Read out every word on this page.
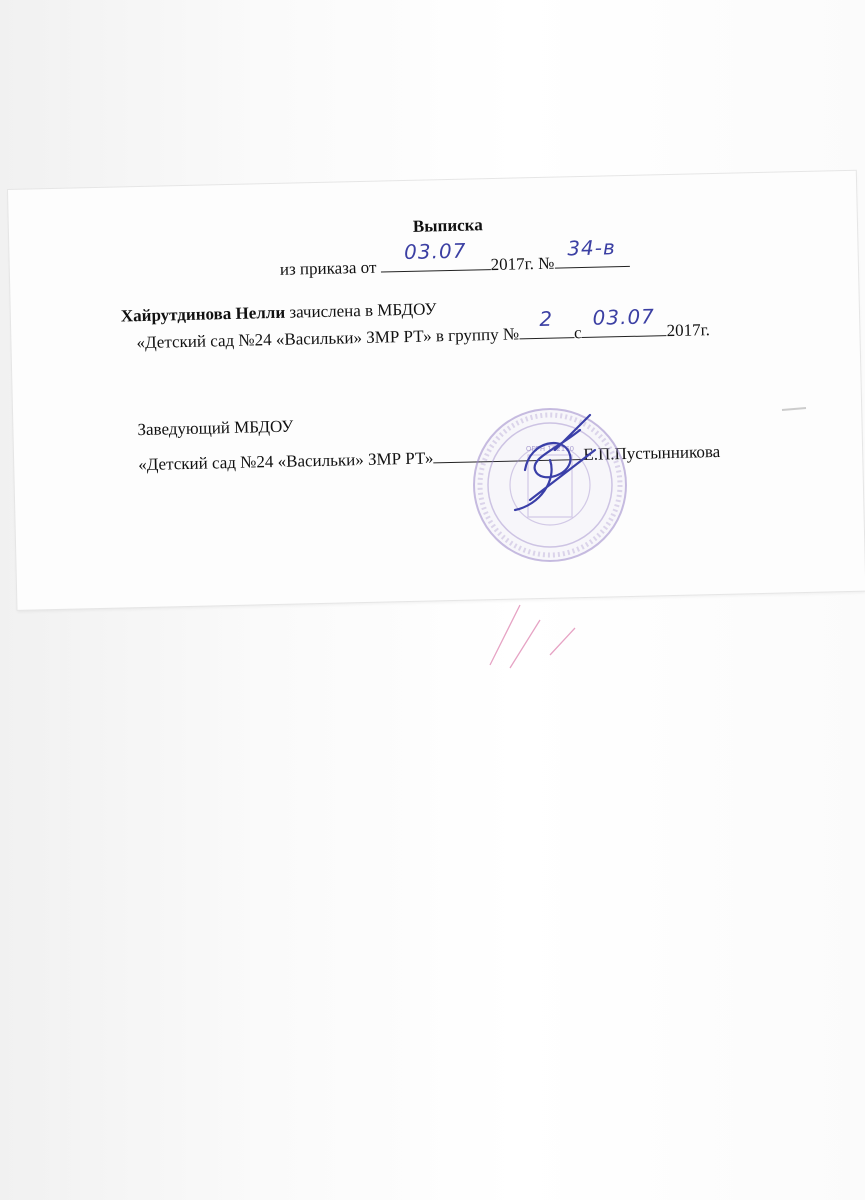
Выписка
из приказа от
03.07	2017г. №
34-в
Хайрутдинова Нелли зачислена в МБДОУ
«Детский сад №24 «Васильки» ЗМР РТ» в группу №
2
с
03.07
2017г.
Заведующий МБДОУ
«Детский сад №24 «Васильки» ЗМР РТ»	Е.П.Пустынникова
ОГРН 102160
